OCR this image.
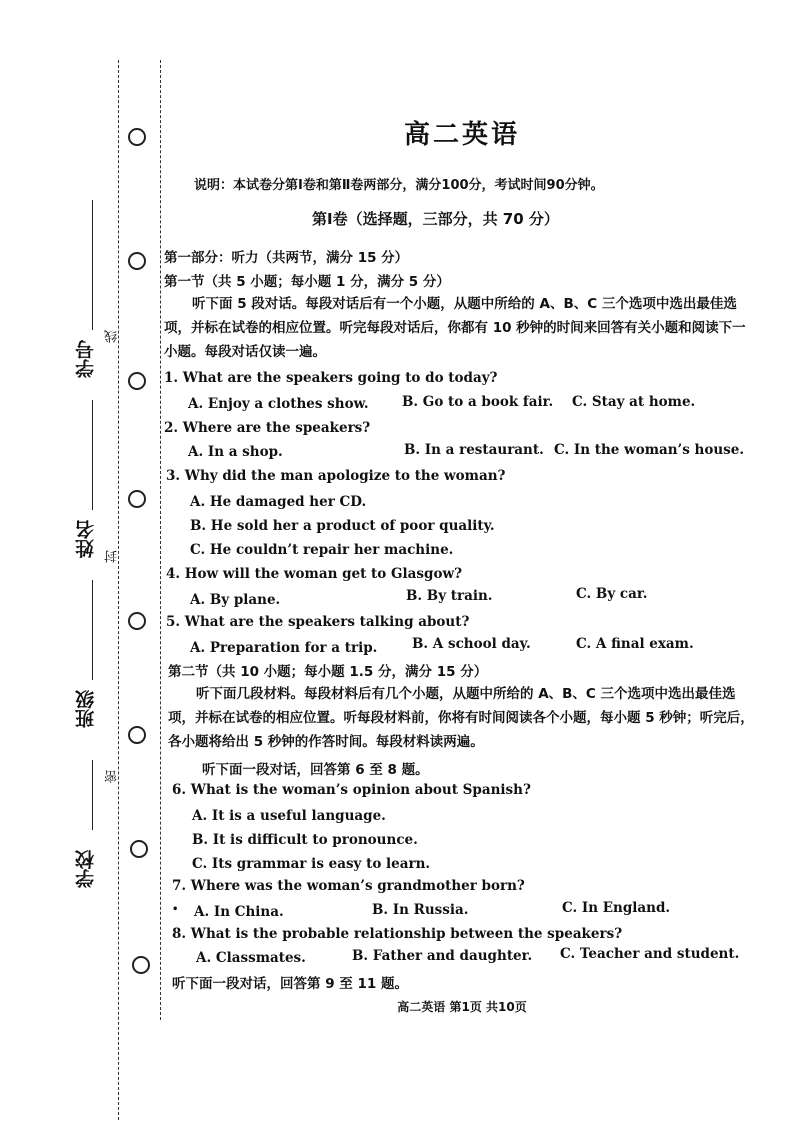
学号
姓名
班级
学校
线
封
密
高二英语
说明：本试卷分第Ⅰ卷和第Ⅱ卷两部分，满分100分，考试时间90分钟。
第Ⅰ卷（选择题，三部分，共 70 分）
第一部分：听力（共两节，满分 15 分）
第一节（共 5 小题；每小题 1 分，满分 5 分）
听下面 5 段对话。每段对话后有一个小题，从题中所给的 A、B、C 三个选项中选出最佳选项，并标在试卷的相应位置。听完每段对话后，你都有 10 秒钟的时间来回答有关小题和阅读下一小题。每段对话仅读一遍。
1. What are the speakers going to do today?
A. Enjoy a clothes show. B. Go to a book fair. C. Stay at home.
2. Where are the speakers?
A. In a shop.	B. In a restaurant. C. In the woman’s house.
3. Why did the man apologize to the woman?
A. He damaged her CD.
B. He sold her a product of poor quality.
C. He couldn’t repair her machine.
4. How will the woman get to Glasgow?
A. By plane.	B. By train.	C. By car.
5. What are the speakers talking about?
A. Preparation for a trip.	B. A school day.	C. A final exam.
第二节（共 10 小题；每小题 1.5 分，满分 15 分）
听下面几段材料。每段材料后有几个小题，从题中所给的 A、B、C 三个选项中选出最佳选项，并标在试卷的相应位置。听每段材料前，你将有时间阅读各个小题，每小题 5 秒钟；听完后，各小题将给出 5 秒钟的作答时间。每段材料读两遍。
听下面一段对话，回答第 6 至 8 题。
6. What is the woman’s opinion about Spanish?
A. It is a useful language.
B. It is difficult to pronounce.
C. Its grammar is easy to learn.
7. Where was the woman’s grandmother born?
• A. In China.	B. In Russia.	C. In England.
8. What is the probable relationship between the speakers?
A. Classmates.	B. Father and daughter. C. Teacher and student.
听下面一段对话，回答第 9 至 11 题。
高二英语 第1页 共10页
